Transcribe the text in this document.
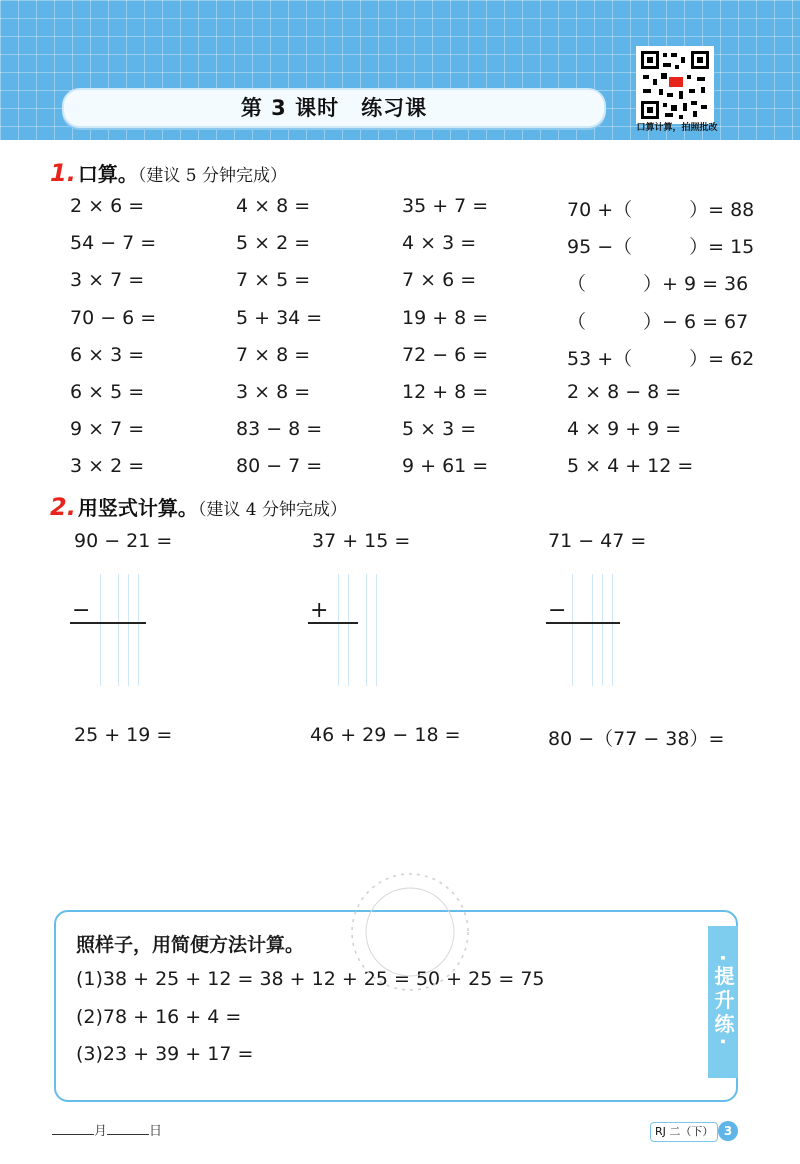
第 3 课时　练习课
口算计算，拍照批改
1. 口算。（建议 5 分钟完成）
2 × 6 =	4 × 8 =	35 + 7 =	70 +（　　　）= 88
54 − 7 =	5 × 2 =	4 × 3 =	95 −（　　　）= 15
3 × 7 =	7 × 5 =	7 × 6 =	（　　　）+ 9 = 36
70 − 6 =	5 + 34 =	19 + 8 =	（　　　）− 6 = 67
6 × 3 =	7 × 8 =	72 − 6 =	53 +（　　　）= 62
6 × 5 =	3 × 8 =	12 + 8 =	2 × 8 − 8 =
9 × 7 =	83 − 8 =	5 × 3 =	4 × 9 + 9 =
3 × 2 =	80 − 7 =	9 + 61 =	5 × 4 + 12 =
2. 用竖式计算。（建议 4 分钟完成）
90 − 21 =	37 + 15 =	71 − 47 =
−	+	−
25 + 19 =	46 + 29 − 18 =	80 −（77 − 38）=
·提升练·
照样子，用简便方法计算。
(1)38 + 25 + 12 = 38 + 12 + 25 = 50 + 25 = 75
(2)78 + 16 + 4 =
(3)23 + 39 + 17 =
月	日	RJ 二（下） 3
